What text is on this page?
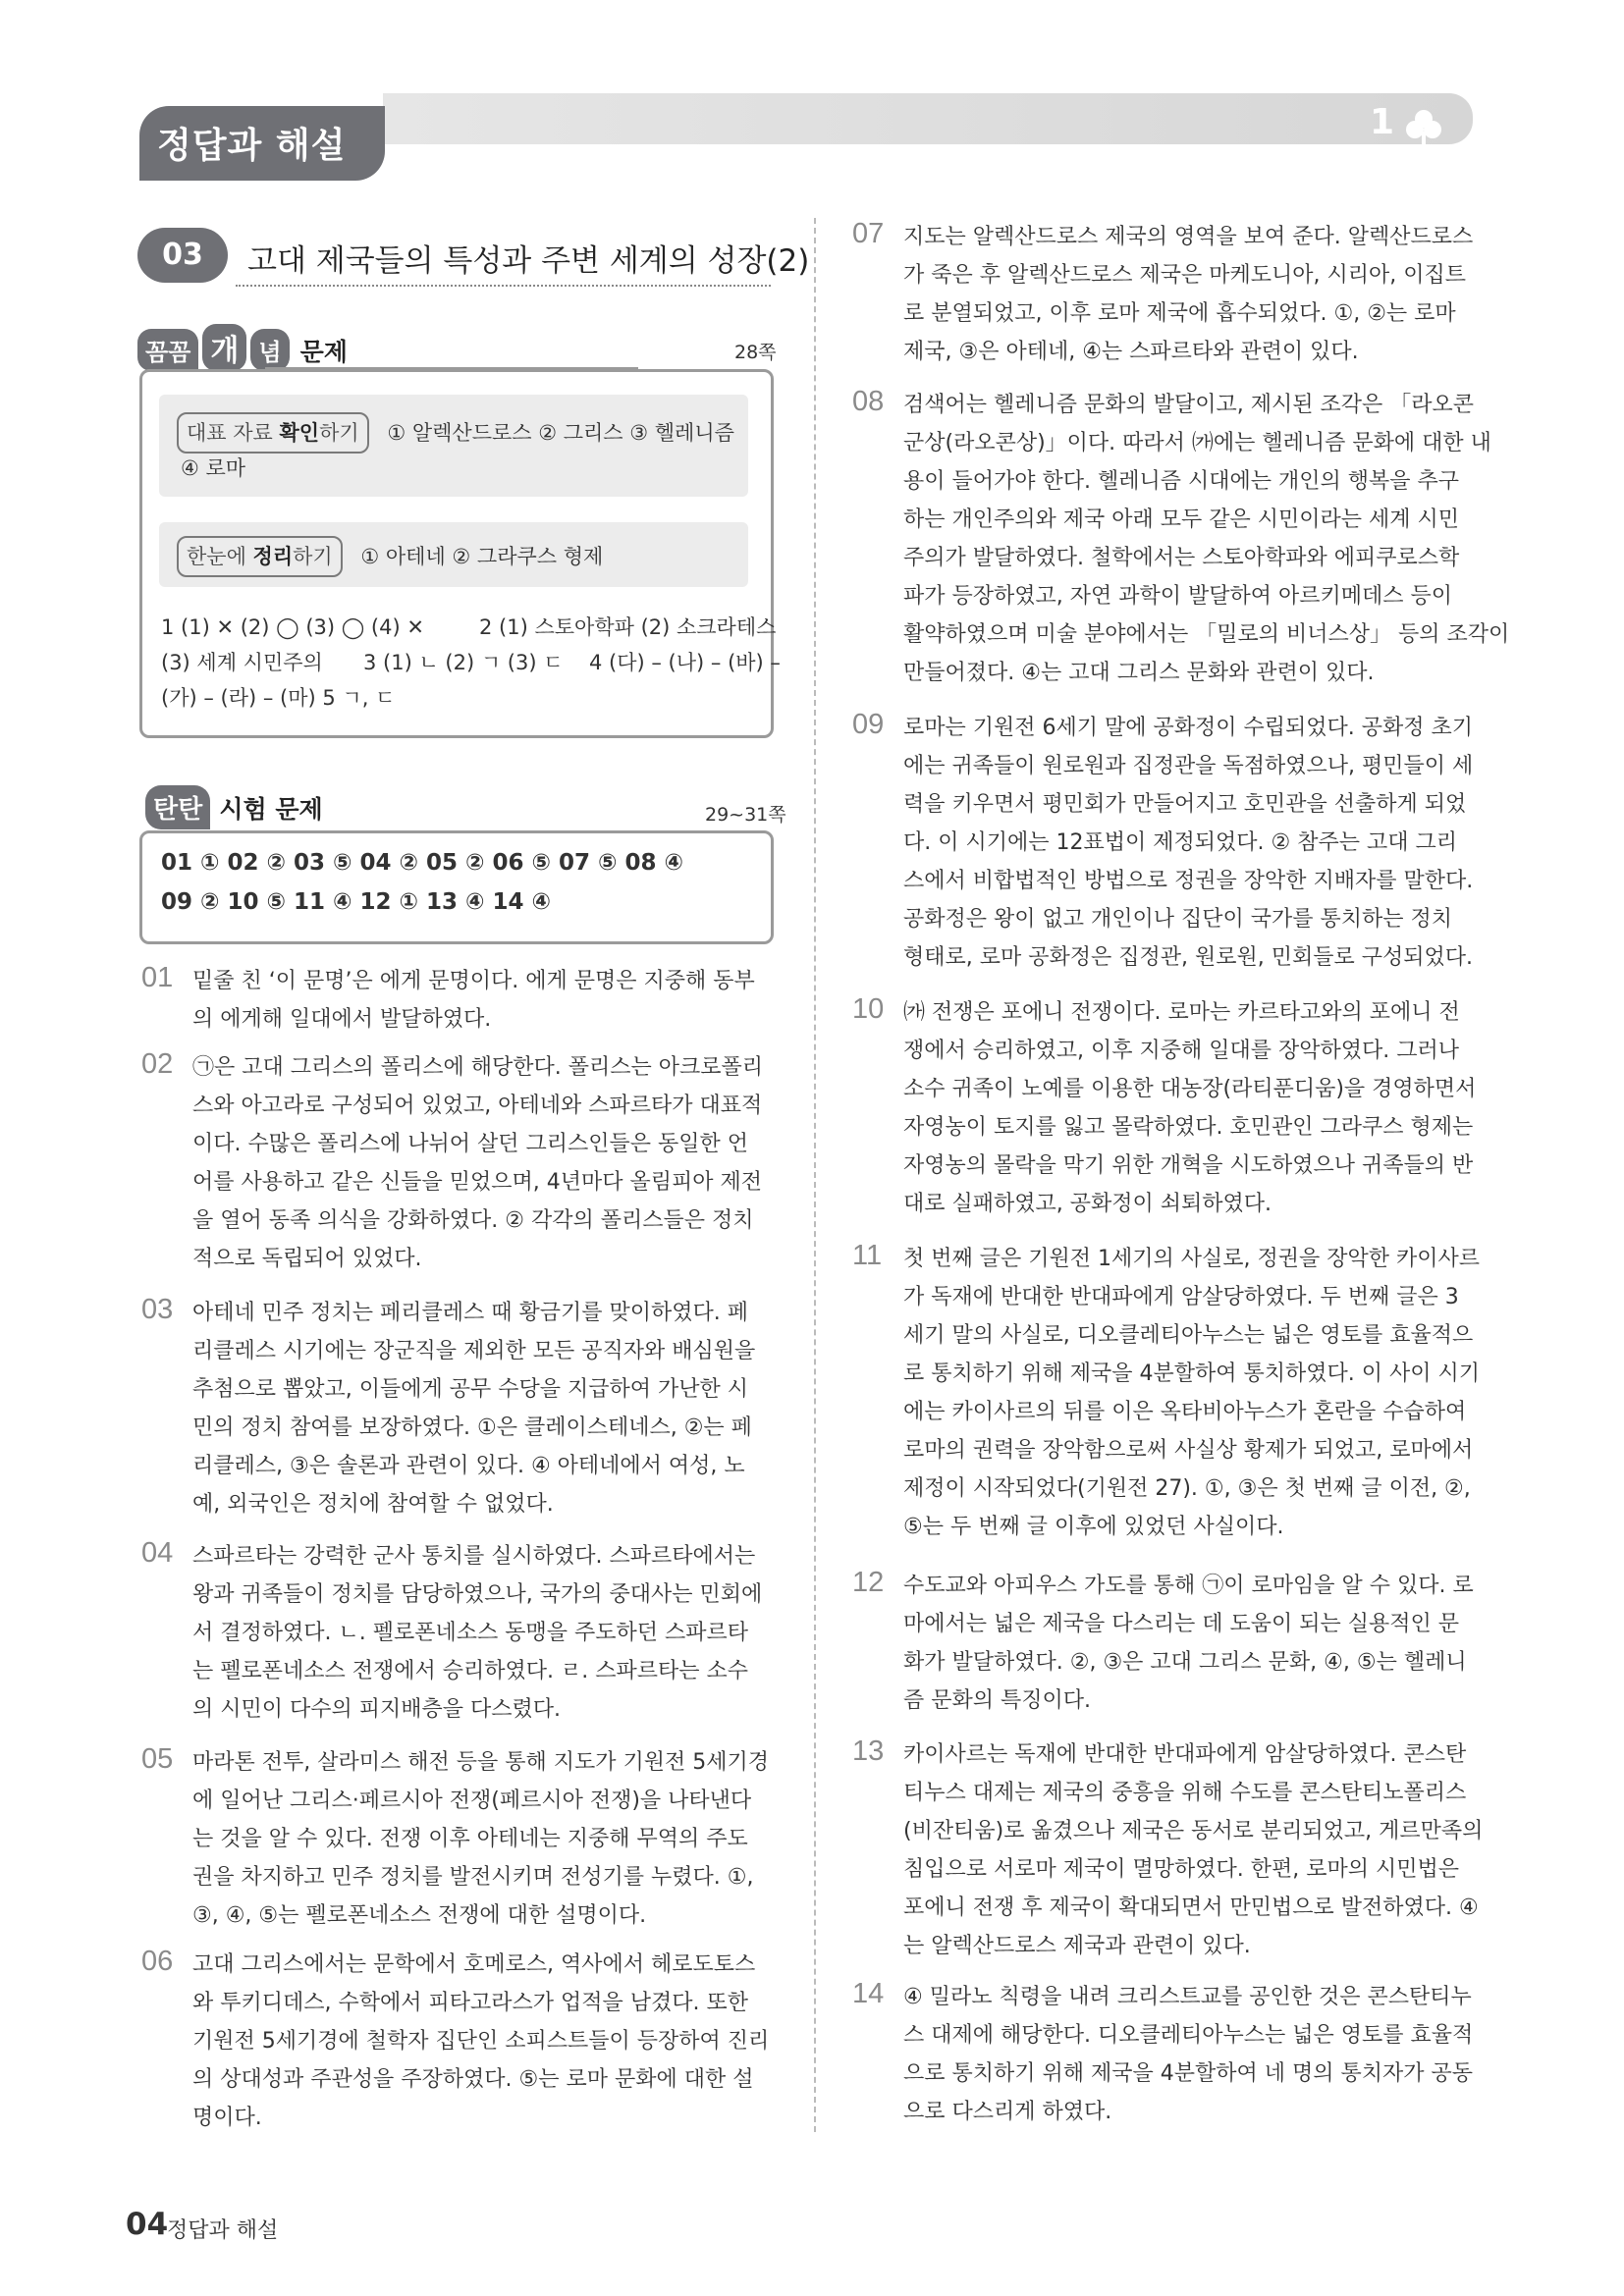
정답과 해설
1
03	고대 제국들의 특성과 주변 세계의 성장(2)
꼼꼼 개 념 문제	28쪽
대표 자료 확인하기 ① 알렉산드로스 ② 그리스 ③ 헬레니즘
④ 로마
한눈에 정리하기 ① 아테네 ② 그라쿠스 형제
1 (1) ✕ (2) ◯ (3) ◯ (4) ✕	2 (1) 스토아학파 (2) 소크라테스
(3) 세계 시민주의 3 (1) ㄴ (2) ㄱ (3) ㄷ 4 (다) – (나) – (바) –
(가) – (라) – (마) 5 ㄱ, ㄷ
탄탄 시험 문제	29~31쪽
01 ① 02 ② 03 ⑤ 04 ② 05 ② 06 ⑤ 07 ⑤ 08 ④
09 ② 10 ⑤ 11 ④ 12 ① 13 ④ 14 ④
01 밑줄 친 ‘이 문명’은 에게 문명이다. 에게 문명은 지중해 동부
의 에게해 일대에서 발달하였다.
02 ㉠은 고대 그리스의 폴리스에 해당한다. 폴리스는 아크로폴리
스와 아고라로 구성되어 있었고, 아테네와 스파르타가 대표적
이다. 수많은 폴리스에 나뉘어 살던 그리스인들은 동일한 언
어를 사용하고 같은 신들을 믿었으며, 4년마다 올림피아 제전
을 열어 동족 의식을 강화하였다. ② 각각의 폴리스들은 정치
적으로 독립되어 있었다.
03 아테네 민주 정치는 페리클레스 때 황금기를 맞이하였다. 페
리클레스 시기에는 장군직을 제외한 모든 공직자와 배심원을
추첨으로 뽑았고, 이들에게 공무 수당을 지급하여 가난한 시
민의 정치 참여를 보장하였다. ①은 클레이스테네스, ②는 페
리클레스, ③은 솔론과 관련이 있다. ④ 아테네에서 여성, 노
예, 외국인은 정치에 참여할 수 없었다.
04 스파르타는 강력한 군사 통치를 실시하였다. 스파르타에서는
왕과 귀족들이 정치를 담당하였으나, 국가의 중대사는 민회에
서 결정하였다. ㄴ. 펠로폰네소스 동맹을 주도하던 스파르타
는 펠로폰네소스 전쟁에서 승리하였다. ㄹ. 스파르타는 소수
의 시민이 다수의 피지배층을 다스렸다.
05 마라톤 전투, 살라미스 해전 등을 통해 지도가 기원전 5세기경
에 일어난 그리스·페르시아 전쟁(페르시아 전쟁)을 나타낸다
는 것을 알 수 있다. 전쟁 이후 아테네는 지중해 무역의 주도
권을 차지하고 민주 정치를 발전시키며 전성기를 누렸다. ①,
③, ④, ⑤는 펠로폰네소스 전쟁에 대한 설명이다.
06 고대 그리스에서는 문학에서 호메로스, 역사에서 헤로도토스
와 투키디데스, 수학에서 피타고라스가 업적을 남겼다. 또한
기원전 5세기경에 철학자 집단인 소피스트들이 등장하여 진리
의 상대성과 주관성을 주장하였다. ⑤는 로마 문화에 대한 설
명이다.
07 지도는 알렉산드로스 제국의 영역을 보여 준다. 알렉산드로스
가 죽은 후 알렉산드로스 제국은 마케도니아, 시리아, 이집트
로 분열되었고, 이후 로마 제국에 흡수되었다. ①, ②는 로마
제국, ③은 아테네, ④는 스파르타와 관련이 있다.
08 검색어는 헬레니즘 문화의 발달이고, 제시된 조각은 「라오콘
군상(라오콘상)」이다. 따라서 ㈎에는 헬레니즘 문화에 대한 내
용이 들어가야 한다. 헬레니즘 시대에는 개인의 행복을 추구
하는 개인주의와 제국 아래 모두 같은 시민이라는 세계 시민
주의가 발달하였다. 철학에서는 스토아학파와 에피쿠로스학
파가 등장하였고, 자연 과학이 발달하여 아르키메데스 등이
활약하였으며 미술 분야에서는 「밀로의 비너스상」 등의 조각이
만들어졌다. ④는 고대 그리스 문화와 관련이 있다.
09 로마는 기원전 6세기 말에 공화정이 수립되었다. 공화정 초기
에는 귀족들이 원로원과 집정관을 독점하였으나, 평민들이 세
력을 키우면서 평민회가 만들어지고 호민관을 선출하게 되었
다. 이 시기에는 12표법이 제정되었다. ② 참주는 고대 그리
스에서 비합법적인 방법으로 정권을 장악한 지배자를 말한다.
공화정은 왕이 없고 개인이나 집단이 국가를 통치하는 정치
형태로, 로마 공화정은 집정관, 원로원, 민회들로 구성되었다.
10 ㈎ 전쟁은 포에니 전쟁이다. 로마는 카르타고와의 포에니 전
쟁에서 승리하였고, 이후 지중해 일대를 장악하였다. 그러나
소수 귀족이 노예를 이용한 대농장(라티푼디움)을 경영하면서
자영농이 토지를 잃고 몰락하였다. 호민관인 그라쿠스 형제는
자영농의 몰락을 막기 위한 개혁을 시도하였으나 귀족들의 반
대로 실패하였고, 공화정이 쇠퇴하였다.
11 첫 번째 글은 기원전 1세기의 사실로, 정권을 장악한 카이사르
가 독재에 반대한 반대파에게 암살당하였다. 두 번째 글은 3
세기 말의 사실로, 디오클레티아누스는 넓은 영토를 효율적으
로 통치하기 위해 제국을 4분할하여 통치하였다. 이 사이 시기
에는 카이사르의 뒤를 이은 옥타비아누스가 혼란을 수습하여
로마의 권력을 장악함으로써 사실상 황제가 되었고, 로마에서
제정이 시작되었다(기원전 27). ①, ③은 첫 번째 글 이전, ②,
⑤는 두 번째 글 이후에 있었던 사실이다.
12 수도교와 아피우스 가도를 통해 ㉠이 로마임을 알 수 있다. 로
마에서는 넓은 제국을 다스리는 데 도움이 되는 실용적인 문
화가 발달하였다. ②, ③은 고대 그리스 문화, ④, ⑤는 헬레니
즘 문화의 특징이다.
13 카이사르는 독재에 반대한 반대파에게 암살당하였다. 콘스탄
티누스 대제는 제국의 중흥을 위해 수도를 콘스탄티노폴리스
(비잔티움)로 옮겼으나 제국은 동서로 분리되었고, 게르만족의
침입으로 서로마 제국이 멸망하였다. 한편, 로마의 시민법은
포에니 전쟁 후 제국이 확대되면서 만민법으로 발전하였다. ④
는 알렉산드로스 제국과 관련이 있다.
14 ④ 밀라노 칙령을 내려 크리스트교를 공인한 것은 콘스탄티누
스 대제에 해당한다. 디오클레티아누스는 넓은 영토를 효율적
으로 통치하기 위해 제국을 4분할하여 네 명의 통치자가 공동
으로 다스리게 하였다.
04
정답과 해설
